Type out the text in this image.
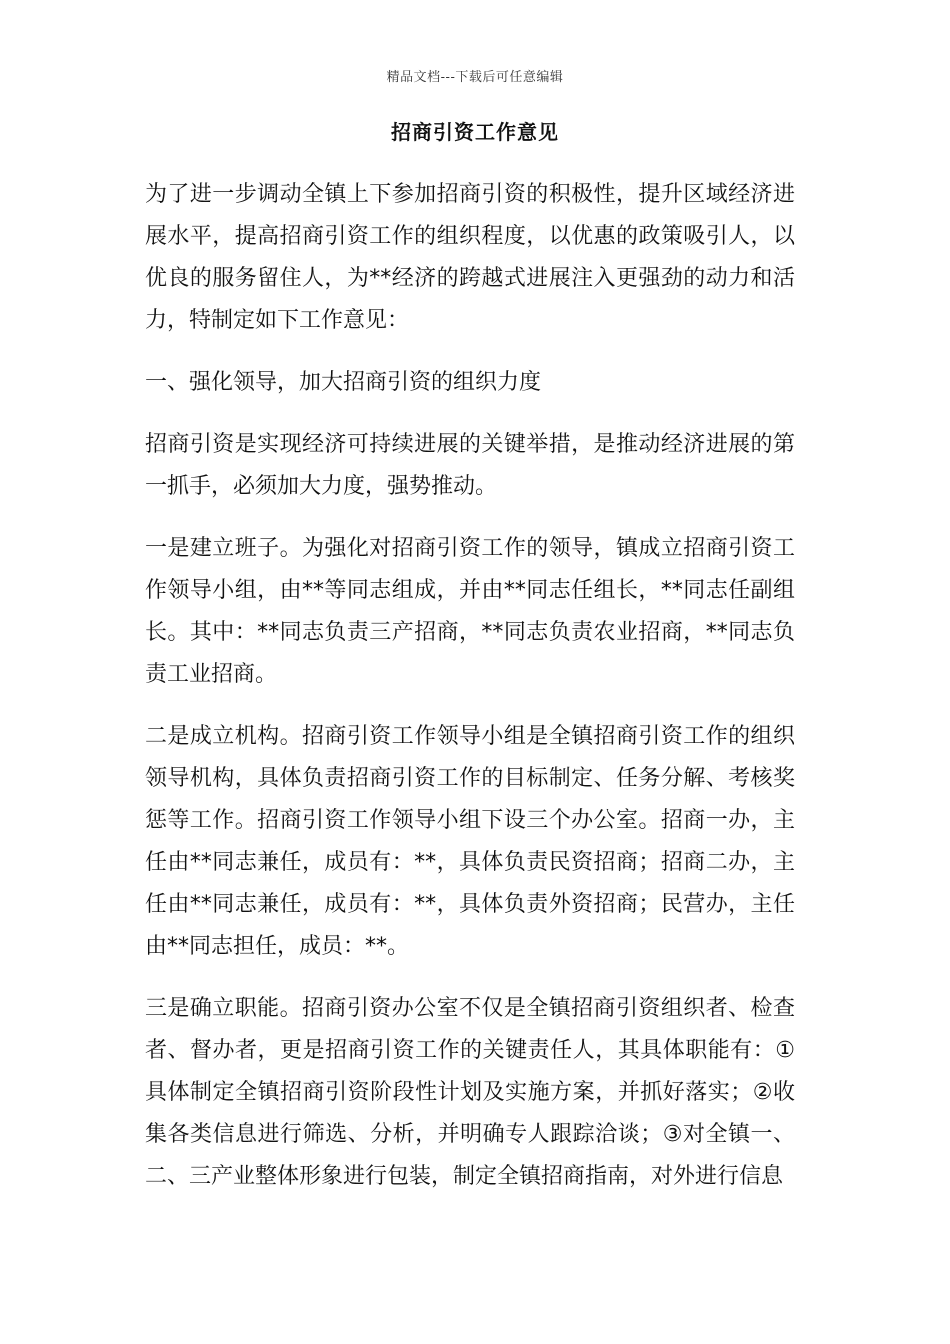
精品文档---下载后可任意编辑
招商引资工作意见

为了进一步调动全镇上下参加招商引资的积极性，提升区域经济进展水平，提高招商引资工作的组织程度，以优惠的政策吸引人，以优良的服务留住人，为**经济的跨越式进展注入更强劲的动力和活力，特制定如下工作意见：

一、强化领导，加大招商引资的组织力度

招商引资是实现经济可持续进展的关键举措，是推动经济进展的第一抓手，必须加大力度，强势推动。

一是建立班子。为强化对招商引资工作的领导，镇成立招商引资工作领导小组，由**等同志组成，并由**同志任组长，**同志任副组长。其中：**同志负责三产招商，**同志负责农业招商，**同志负责工业招商。

二是成立机构。招商引资工作领导小组是全镇招商引资工作的组织领导机构，具体负责招商引资工作的目标制定、任务分解、考核奖惩等工作。招商引资工作领导小组下设三个办公室。招商一办，主任由**同志兼任，成员有：**，具体负责民资招商；招商二办，主任由**同志兼任，成员有：**，具体负责外资招商；民营办，主任由**同志担任，成员：**。

三是确立职能。招商引资办公室不仅是全镇招商引资组织者、检查者、督办者，更是招商引资工作的关键责任人，其具体职能有：①具体制定全镇招商引资阶段性计划及实施方案，并抓好落实；②收集各类信息进行筛选、分析，并明确专人跟踪洽谈；③对全镇一、二、三产业整体形象进行包装，制定全镇招商指南，对外进行信息
